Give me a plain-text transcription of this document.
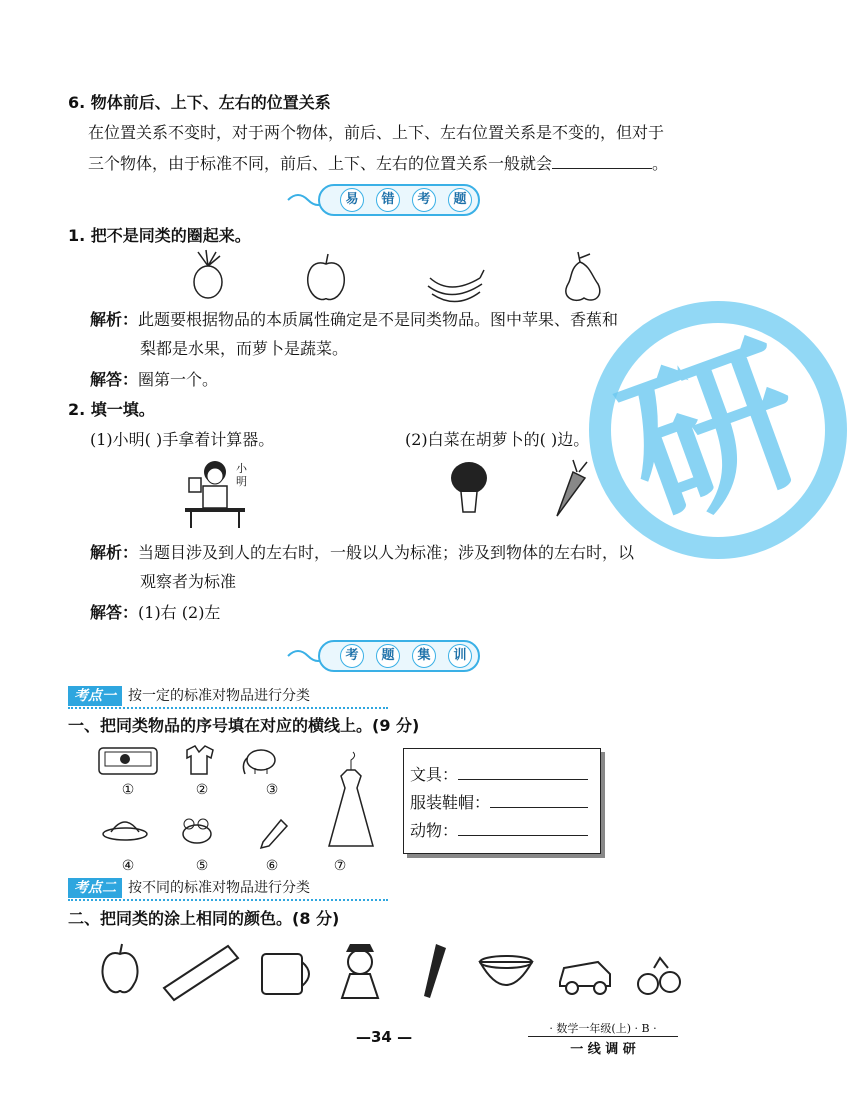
研
6. 物体前后、上下、左右的位置关系
在位置关系不变时，对于两个物体，前后、上下、左右位置关系是不变的，但对于
三个物体，由于标准不同，前后、上下、左右的位置关系一般就会	。
易	错	考	题
1. 把不是同类的圈起来。
解析：此题要根据物品的本质属性确定是不是同类物品。图中苹果、香蕉和
梨都是水果，而萝卜是蔬菜。
解答：圈第一个。
2. 填一填。
(1)小明( )手拿着计算器。	(2)白菜在胡萝卜的( )边。
小明
解析：当题目涉及到人的左右时，一般以人为标准；涉及到物体的左右时，以
观察者为标准
解答：(1)右 (2)左
考	题	集	训
考点一 按一定的标准对物品进行分类
一、把同类物品的序号填在对应的横线上。(9 分)
①	②	③
④	⑤	⑥	⑦
文具：
服装鞋帽：
动物：
考点二 按不同的标准对物品进行分类
二、把同类的涂上相同的颜色。(8 分)
—34 —	· 数学一年级(上) · B ·
一 线 调 研
